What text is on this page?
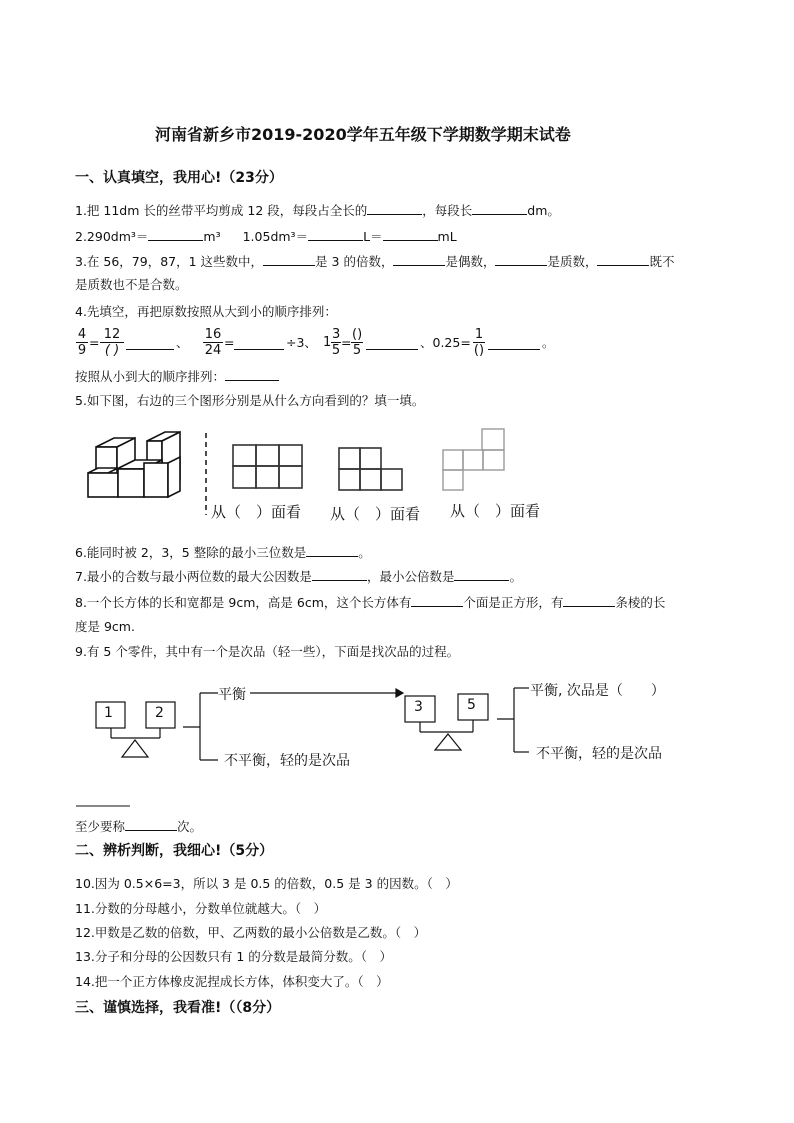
河南省新乡市2019-2020学年五年级下学期数学期末试卷
一、认真填空，我用心!（23分）
1.把 11dm 长的丝带平均剪成 12 段，每段占全长的	，每段长	dm。
2.290dm³＝	m³ 1.05dm³＝	L＝	mL
3.在 56，79，87，1 这些数中，	是 3 的倍数，	是偶数，	是质数，	既不
是质数也不是合数。
4.先填空，再把原数按照从大到小的顺序排列：
$\frac{4}{9}$ =
12
( )
、 $\frac{16}{24}$ =	÷3、 $1 \frac{3}{5}$ =
()
5
、0.25=
1
()
。
按照从小到大的顺序排列：
5.如下图，右边的三个图形分别是从什么方向看到的？填一填。
从（　）面看 从（　）面看 从（　）面看
6.能同时被 2，3，5 整除的最小三位数是	。
7.最小的合数与最小两位数的最大公因数是	，最小公倍数是	。
8.一个长方体的长和宽都是 9cm，高是 6cm，这个长方体有	个面是正方形，有	条棱的长
度是 9cm.
9.有 5 个零件，其中有一个是次品（轻一些），下面是找次品的过程。
1	2	3	5
平衡
不平衡，轻的是次品
平衡, 次品是（　　）
不平衡，轻的是次品
至少要称	次。
二、辨析判断，我细心!（5分）
10.因为 0.5×6=3，所以 3 是 0.5 的倍数，0.5 是 3 的因数。（　）
11.分数的分母越小，分数单位就越大。（　）
12.甲数是乙数的倍数，甲、乙两数的最小公倍数是乙数。（　）
13.分子和分母的公因数只有 1 的分数是最简分数。（　）
14.把一个正方体橡皮泥捏成长方体，体积变大了。（　）
三、谨慎选择，我看准!（（8分）
